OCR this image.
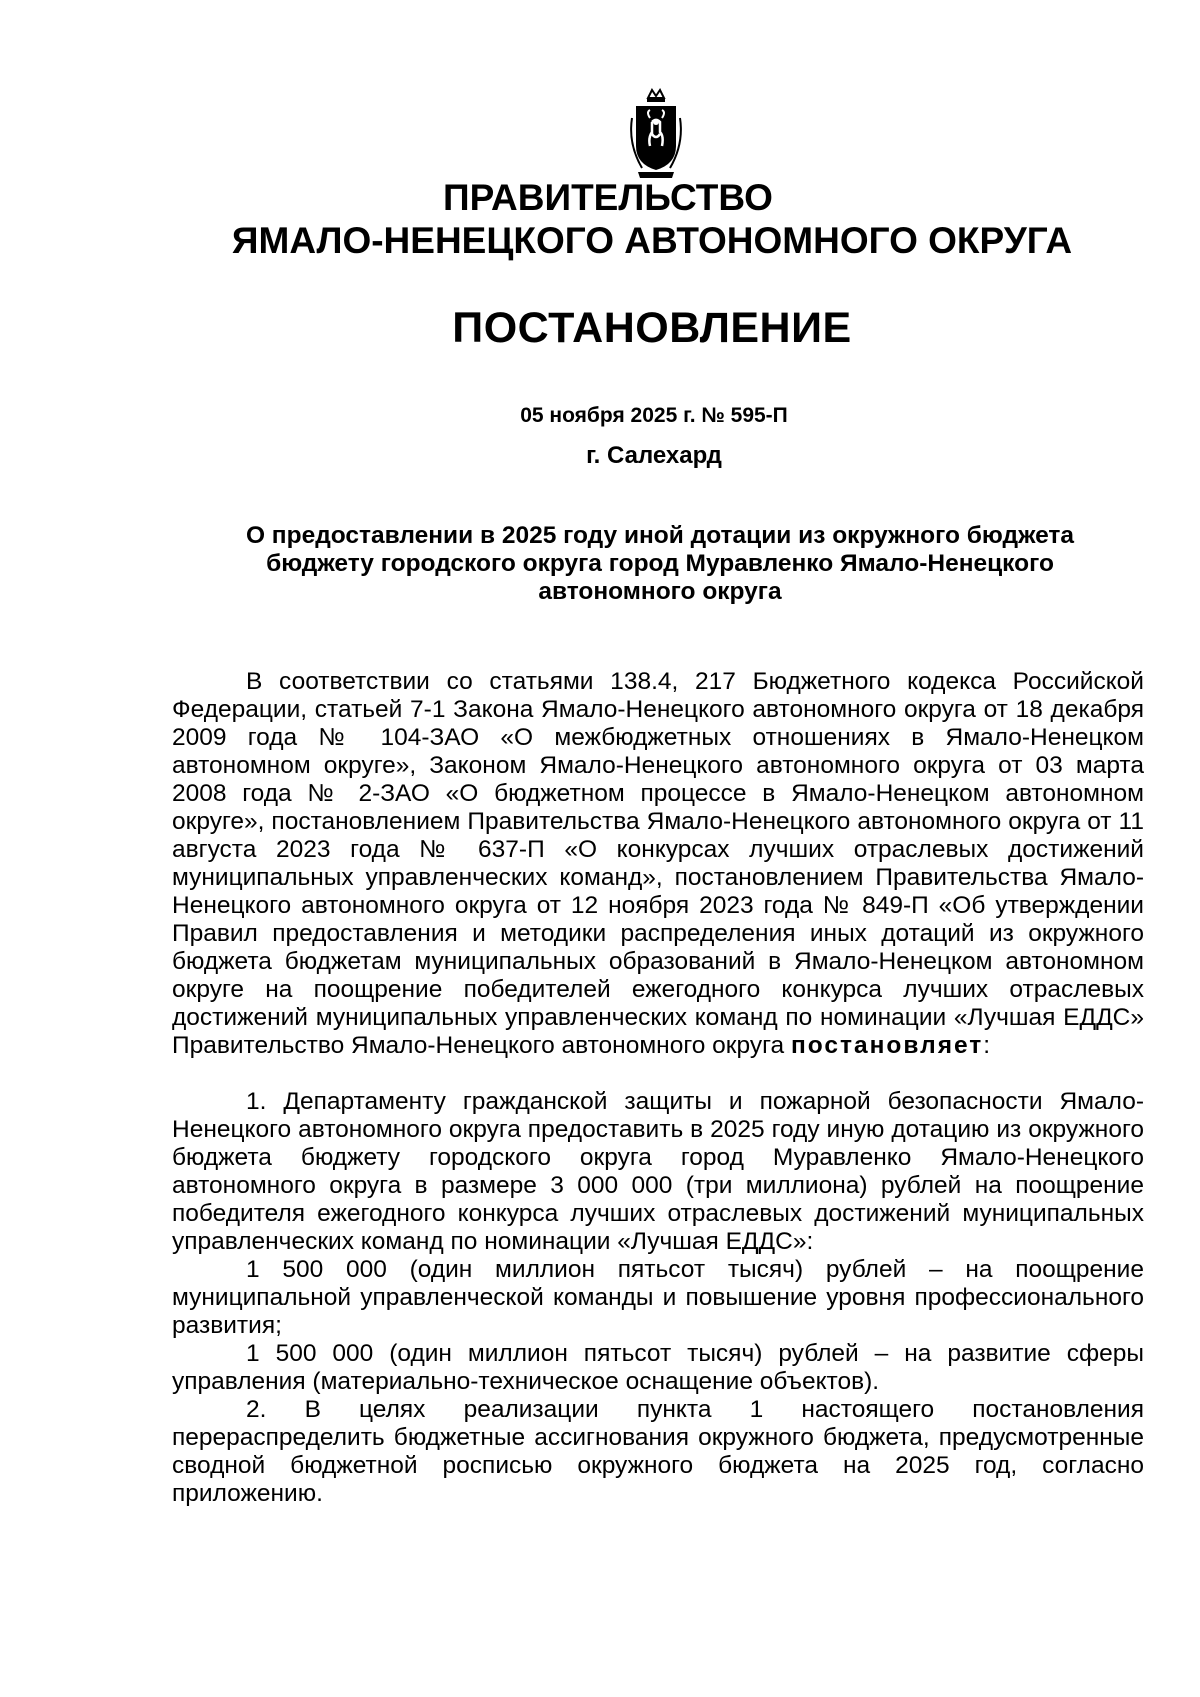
ПРАВИТЕЛЬСТВО
ЯМАЛО-НЕНЕЦКОГО АВТОНОМНОГО ОКРУГА
ПОСТАНОВЛЕНИЕ
05 ноября 2025 г. № 595-П
г. Салехард
О предоставлении в 2025 году иной дотации из окружного бюджета
бюджету городского округа город Муравленко Ямало-Ненецкого
автономного округа

В соответствии со статьями 138.4, 217 Бюджетного кодекса Российской Федерации, статьей 7-1 Закона Ямало-Ненецкого автономного округа от 18 декабря 2009 года № 104-ЗАО «О межбюджетных отношениях в Ямало-Ненецком автономном округе», Законом Ямало-Ненецкого автономного округа от 03 марта 2008 года № 2-ЗАО «О бюджетном процессе в Ямало-Ненецком автономном округе», постановлением Правительства Ямало-Ненецкого автономного округа от 11 августа 2023 года № 637-П «О конкурсах лучших отраслевых достижений муниципальных управленческих команд», постановлением Правительства Ямало-Ненецкого автономного округа от 12 ноября 2023 года № 849-П «Об утверждении Правил предоставления и методики распределения иных дотаций из окружного бюджета бюджетам муниципальных образований в Ямало-Ненецком автономном округе на поощрение победителей ежегодного конкурса лучших отраслевых достижений муниципальных управленческих команд по номинации «Лучшая ЕДДС» Правительство Ямало-Ненецкого автономного округа постановляет:

1. Департаменту гражданской защиты и пожарной безопасности Ямало-Ненецкого автономного округа предоставить в 2025 году иную дотацию из окружного бюджета бюджету городского округа город Муравленко Ямало-Ненецкого автономного округа в размере 3 000 000 (три миллиона) рублей на поощрение победителя ежегодного конкурса лучших отраслевых достижений муниципальных управленческих команд по номинации «Лучшая ЕДДС»:

1 500 000 (один миллион пятьсот тысяч) рублей – на поощрение муниципальной управленческой команды и повышение уровня профессионального развития;

1 500 000 (один миллион пятьсот тысяч) рублей – на развитие сферы управления (материально-техническое оснащение объектов).

2. В целях реализации пункта 1 настоящего постановления перераспределить бюджетные ассигнования окружного бюджета, предусмотренные сводной бюджетной росписью окружного бюджета на 2025 год, согласно приложению.
